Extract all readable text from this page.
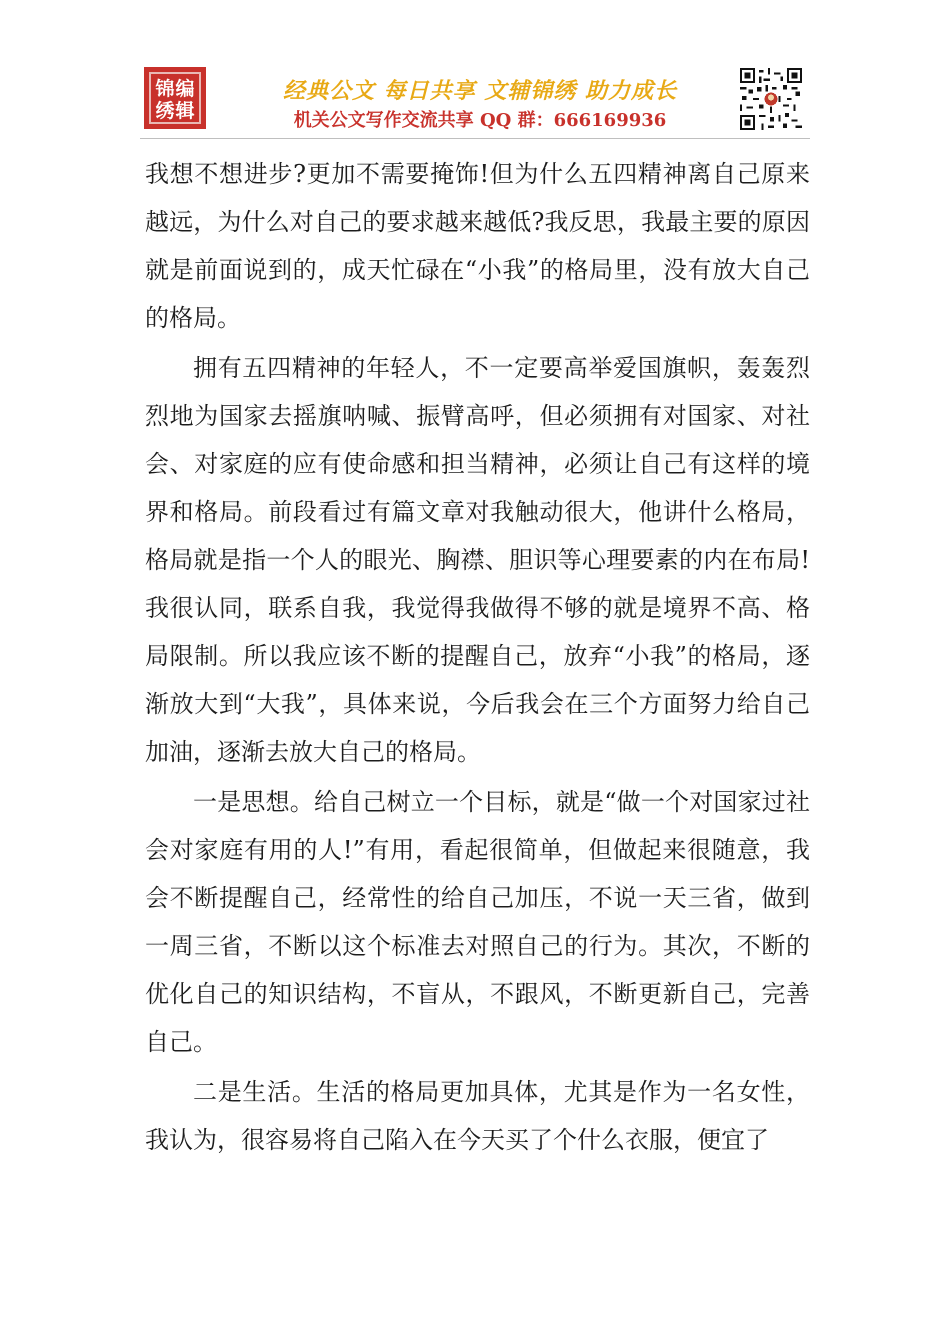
锦 编
绣 辑
经典公文 每日共享 文辅锦绣 助力成长
机关公文写作交流共享 QQ 群：666169936

我想不想进步?更加不需要掩饰!但为什么五四精神离自己原来越远，为什么对自己的要求越来越低?我反思，我最主要的原因就是前面说到的，成天忙碌在“小我”的格局里，没有放大自己的格局。

拥有五四精神的年轻人，不一定要高举爱国旗帜，轰轰烈烈地为国家去摇旗呐喊、振臂高呼，但必须拥有对国家、对社会、对家庭的应有使命感和担当精神，必须让自己有这样的境界和格局。前段看过有篇文章对我触动很大，他讲什么格局，格局就是指一个人的眼光、胸襟、胆识等心理要素的内在布局!我很认同，联系自我，我觉得我做得不够的就是境界不高、格局限制。所以我应该不断的提醒自己，放弃“小我”的格局，逐渐放大到“大我”，具体来说，今后我会在三个方面努力给自己加油，逐渐去放大自己的格局。

一是思想。给自己树立一个目标，就是“做一个对国家过社会对家庭有用的人!”有用，看起很简单，但做起来很随意，我会不断提醒自己，经常性的给自己加压，不说一天三省，做到一周三省，不断以这个标准去对照自己的行为。其次，不断的优化自己的知识结构，不盲从，不跟风，不断更新自己，完善自己。

二是生活。生活的格局更加具体，尤其是作为一名女性，我认为，很容易将自己陷入在今天买了个什么衣服，便宜了
